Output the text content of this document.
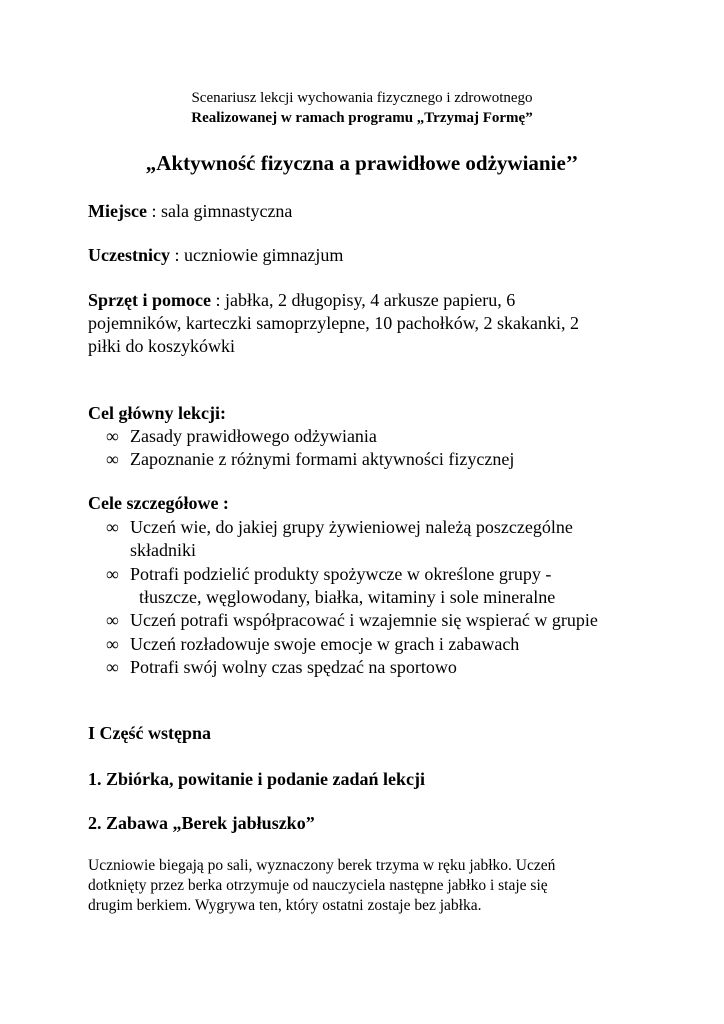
Scenariusz lekcji wychowania fizycznego i zdrowotnego
Realizowanej w ramach programu „Trzymaj Formę”
„Aktywność fizyczna a prawidłowe odżywianie’’
Miejsce : sala gimnastyczna
Uczestnicy : uczniowie gimnazjum
Sprzęt i pomoce : jabłka, 2 długopisy, 4 arkusze papieru, 6
pojemników, karteczki samoprzylepne, 10 pachołków, 2 skakanki, 2
piłki do koszykówki
Cel główny lekcji:
∞ Zasady prawidłowego odżywiania
∞ Zapoznanie z różnymi formami aktywności fizycznej
Cele szczegółowe :
∞ Uczeń wie, do jakiej grupy żywieniowej należą poszczególne
składniki
∞ Potrafi podzielić produkty spożywcze w określone grupy -
tłuszcze, węglowodany, białka, witaminy i sole mineralne
∞ Uczeń potrafi współpracować i wzajemnie się wspierać w grupie
∞ Uczeń rozładowuje swoje emocje w grach i zabawach
∞ Potrafi swój wolny czas spędzać na sportowo
I Część wstępna
1. Zbiórka, powitanie i podanie zadań lekcji
2. Zabawa „Berek jabłuszko”
Uczniowie biegają po sali, wyznaczony berek trzyma w ręku jabłko. Uczeń
dotknięty przez berka otrzymuje od nauczyciela następne jabłko i staje się
drugim berkiem. Wygrywa ten, który ostatni zostaje bez jabłka.
